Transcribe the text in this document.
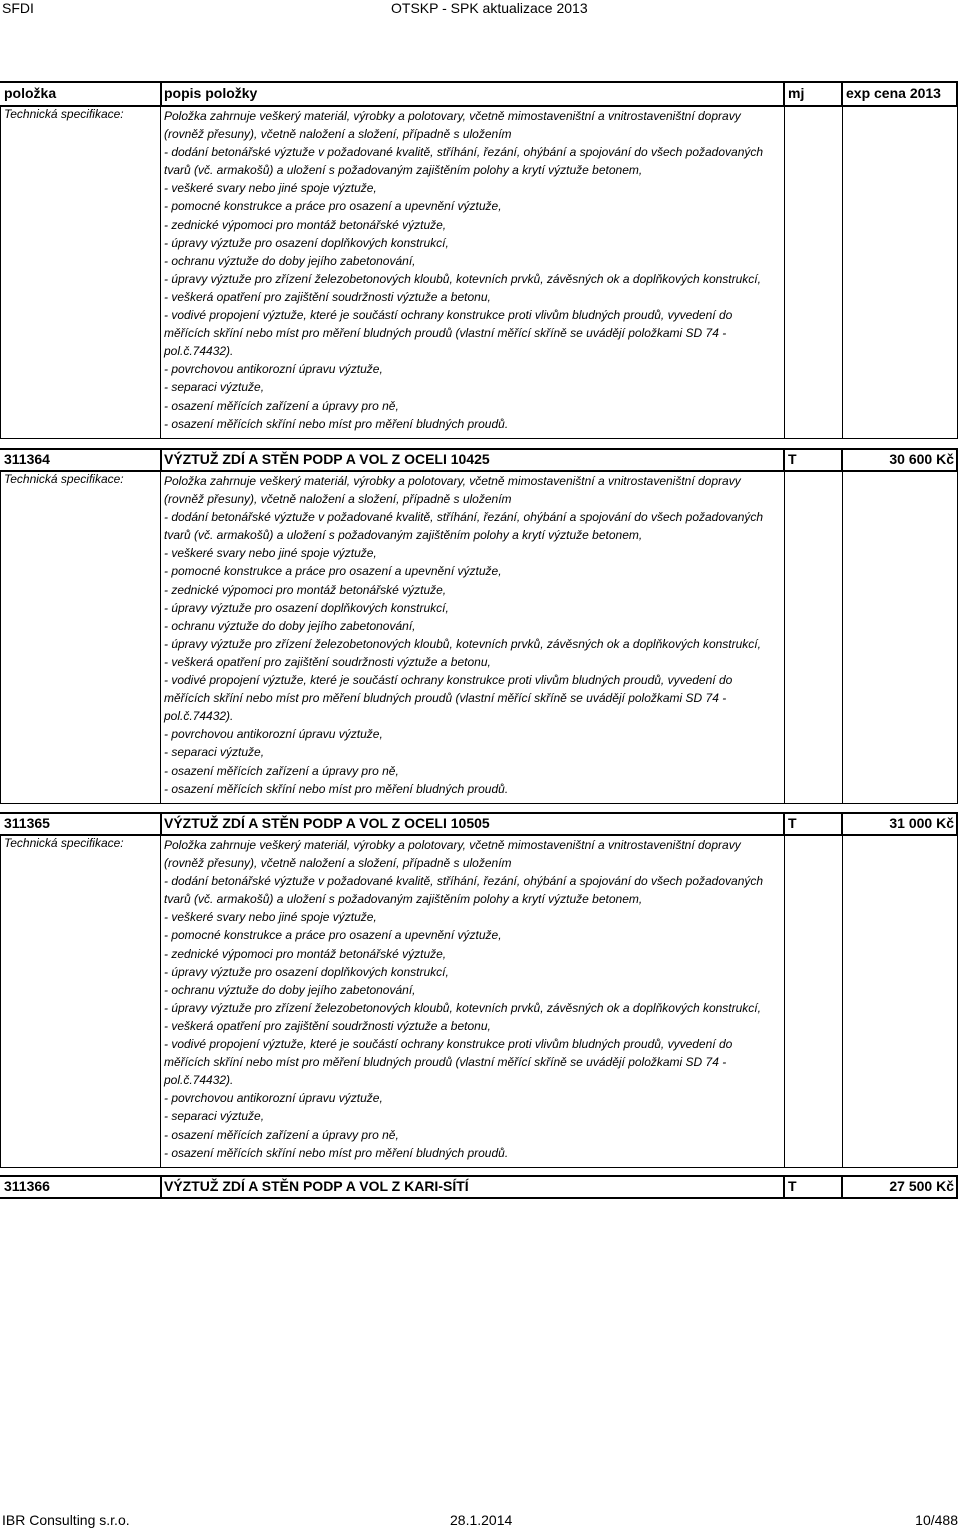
SFDI	OTSKP - SPK aktualizace 2013
položka	popis položky	mj	exp cena 2013
Technická specifikace:	Položka zahrnuje veškerý materiál, výrobky a polotovary, včetně mimostaveništní a vnitrostaveništní dopravy
(rovněž přesuny), včetně naložení a složení, případně s uložením
- dodání betonářské výztuže v požadované kvalitě, stříhání, řezání, ohýbání a spojování do všech požadovaných
tvarů (vč. armakošů) a uložení s požadovaným zajištěním polohy a krytí výztuže betonem,
- veškeré svary nebo jiné spoje výztuže,
- pomocné konstrukce a práce pro osazení a upevnění výztuže,
- zednické výpomoci pro montáž betonářské výztuže,
- úpravy výztuže pro osazení doplňkových konstrukcí,
- ochranu výztuže do doby jejího zabetonování,
- úpravy výztuže pro zřízení železobetonových kloubů, kotevních prvků, závěsných ok a doplňkových konstrukcí,
- veškerá opatření pro zajištění soudržnosti výztuže a betonu,
- vodivé propojení výztuže, které je součástí ochrany konstrukce proti vlivům bludných proudů, vyvedení do
měřících skříní nebo míst pro měření bludných proudů (vlastní měřící skříně se uvádějí položkami SD 74 -
pol.č.74432).
- povrchovou antikorozní úpravu výztuže,
- separaci výztuže,
- osazení měřících zařízení a úpravy pro ně,
- osazení měřících skříní nebo míst pro měření bludných proudů.
311364	VÝZTUŽ ZDÍ A STĚN PODP A VOL Z OCELI 10425	T	30 600 Kč
Technická specifikace:	Položka zahrnuje veškerý materiál, výrobky a polotovary, včetně mimostaveništní a vnitrostaveništní dopravy
(rovněž přesuny), včetně naložení a složení, případně s uložením
- dodání betonářské výztuže v požadované kvalitě, stříhání, řezání, ohýbání a spojování do všech požadovaných
tvarů (vč. armakošů) a uložení s požadovaným zajištěním polohy a krytí výztuže betonem,
- veškeré svary nebo jiné spoje výztuže,
- pomocné konstrukce a práce pro osazení a upevnění výztuže,
- zednické výpomoci pro montáž betonářské výztuže,
- úpravy výztuže pro osazení doplňkových konstrukcí,
- ochranu výztuže do doby jejího zabetonování,
- úpravy výztuže pro zřízení železobetonových kloubů, kotevních prvků, závěsných ok a doplňkových konstrukcí,
- veškerá opatření pro zajištění soudržnosti výztuže a betonu,
- vodivé propojení výztuže, které je součástí ochrany konstrukce proti vlivům bludných proudů, vyvedení do
měřících skříní nebo míst pro měření bludných proudů (vlastní měřící skříně se uvádějí položkami SD 74 -
pol.č.74432).
- povrchovou antikorozní úpravu výztuže,
- separaci výztuže,
- osazení měřících zařízení a úpravy pro ně,
- osazení měřících skříní nebo míst pro měření bludných proudů.
311365	VÝZTUŽ ZDÍ A STĚN PODP A VOL Z OCELI 10505	T	31 000 Kč
Technická specifikace:	Položka zahrnuje veškerý materiál, výrobky a polotovary, včetně mimostaveništní a vnitrostaveništní dopravy
(rovněž přesuny), včetně naložení a složení, případně s uložením
- dodání betonářské výztuže v požadované kvalitě, stříhání, řezání, ohýbání a spojování do všech požadovaných
tvarů (vč. armakošů) a uložení s požadovaným zajištěním polohy a krytí výztuže betonem,
- veškeré svary nebo jiné spoje výztuže,
- pomocné konstrukce a práce pro osazení a upevnění výztuže,
- zednické výpomoci pro montáž betonářské výztuže,
- úpravy výztuže pro osazení doplňkových konstrukcí,
- ochranu výztuže do doby jejího zabetonování,
- úpravy výztuže pro zřízení železobetonových kloubů, kotevních prvků, závěsných ok a doplňkových konstrukcí,
- veškerá opatření pro zajištění soudržnosti výztuže a betonu,
- vodivé propojení výztuže, které je součástí ochrany konstrukce proti vlivům bludných proudů, vyvedení do
měřících skříní nebo míst pro měření bludných proudů (vlastní měřící skříně se uvádějí položkami SD 74 -
pol.č.74432).
- povrchovou antikorozní úpravu výztuže,
- separaci výztuže,
- osazení měřících zařízení a úpravy pro ně,
- osazení měřících skříní nebo míst pro měření bludných proudů.
311366	VÝZTUŽ ZDÍ A STĚN PODP A VOL Z KARI-SÍTÍ	T	27 500 Kč
IBR Consulting s.r.o.	28.1.2014	10/488
